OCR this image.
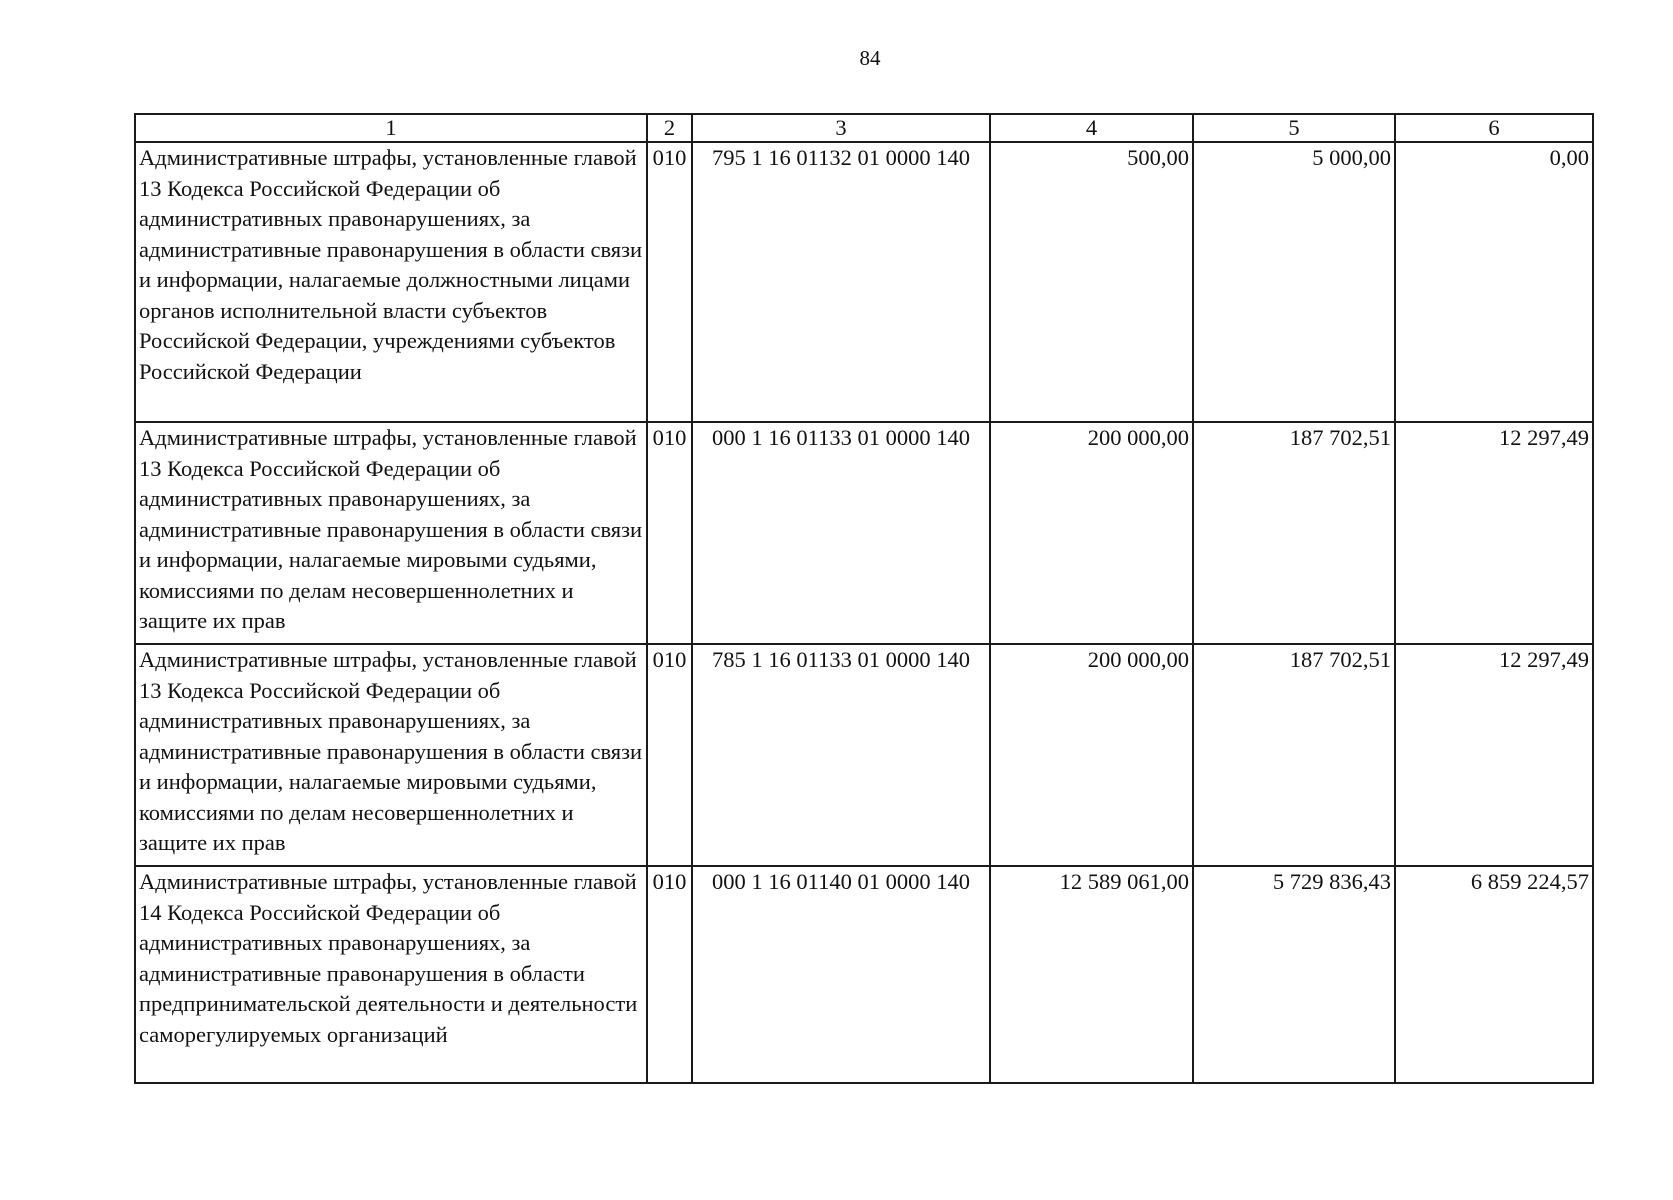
84
1	2	3	4	5	6
Административные штрафы, установленные главой 13 Кодекса Российской Федерации об административных правонарушениях, за административные правонарушения в области связи и информации, налагаемые должностными лицами органов исполнительной власти субъектов Российской Федерации, учреждениями субъектов Российской Федерации	010	795 1 16 01132 01 0000 140	500,00	5 000,00	0,00
Административные штрафы, установленные главой 13 Кодекса Российской Федерации об административных правонарушениях, за административные правонарушения в области связи и информации, налагаемые мировыми судьями, комиссиями по делам несовершеннолетних и защите их прав	010	000 1 16 01133 01 0000 140	200 000,00	187 702,51	12 297,49
Административные штрафы, установленные главой 13 Кодекса Российской Федерации об административных правонарушениях, за административные правонарушения в области связи и информации, налагаемые мировыми судьями, комиссиями по делам несовершеннолетних и защите их прав	010	785 1 16 01133 01 0000 140	200 000,00	187 702,51	12 297,49
Административные штрафы, установленные главой 14 Кодекса Российской Федерации об административных правонарушениях, за административные правонарушения в области предпринимательской деятельности и деятельности саморегулируемых организаций	010	000 1 16 01140 01 0000 140	12 589 061,00	5 729 836,43	6 859 224,57
